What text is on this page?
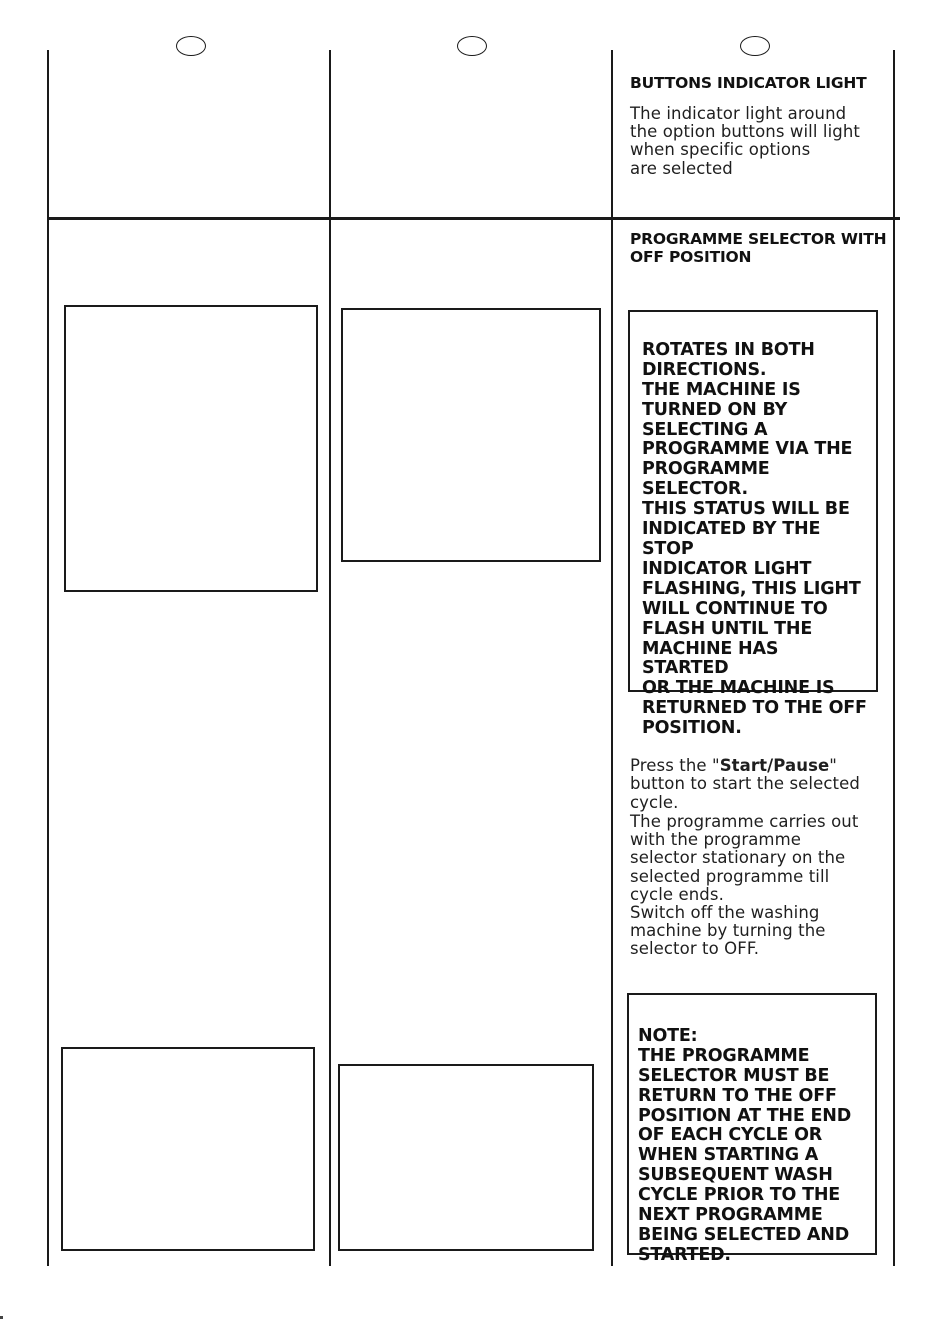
BUTTONS INDICATOR LIGHT
The indicator light around
the option buttons will light
when specific options
are selected
PROGRAMME SELECTOR WITH
OFF POSITION

ROTATES IN BOTH
DIRECTIONS.
THE MACHINE IS
TURNED ON BY
SELECTING A
PROGRAMME VIA THE
PROGRAMME
SELECTOR.
THIS STATUS WILL BE
INDICATED BY THE STOP
INDICATOR LIGHT
FLASHING, THIS LIGHT
WILL CONTINUE TO
FLASH UNTIL THE
MACHINE HAS STARTED
OR THE MACHINE IS
RETURNED TO THE OFF
POSITION.

Press the "Start/Pause"
button to start the selected
cycle.

The programme carries out
with the programme
selector stationary on the
selected programme till
cycle ends.
Switch off the washing
machine by turning the
selector to OFF.

NOTE:
THE PROGRAMME
SELECTOR MUST BE
RETURN TO THE OFF
POSITION AT THE END
OF EACH CYCLE OR
WHEN STARTING A
SUBSEQUENT WASH
CYCLE PRIOR TO THE
NEXT PROGRAMME
BEING SELECTED AND
STARTED.
